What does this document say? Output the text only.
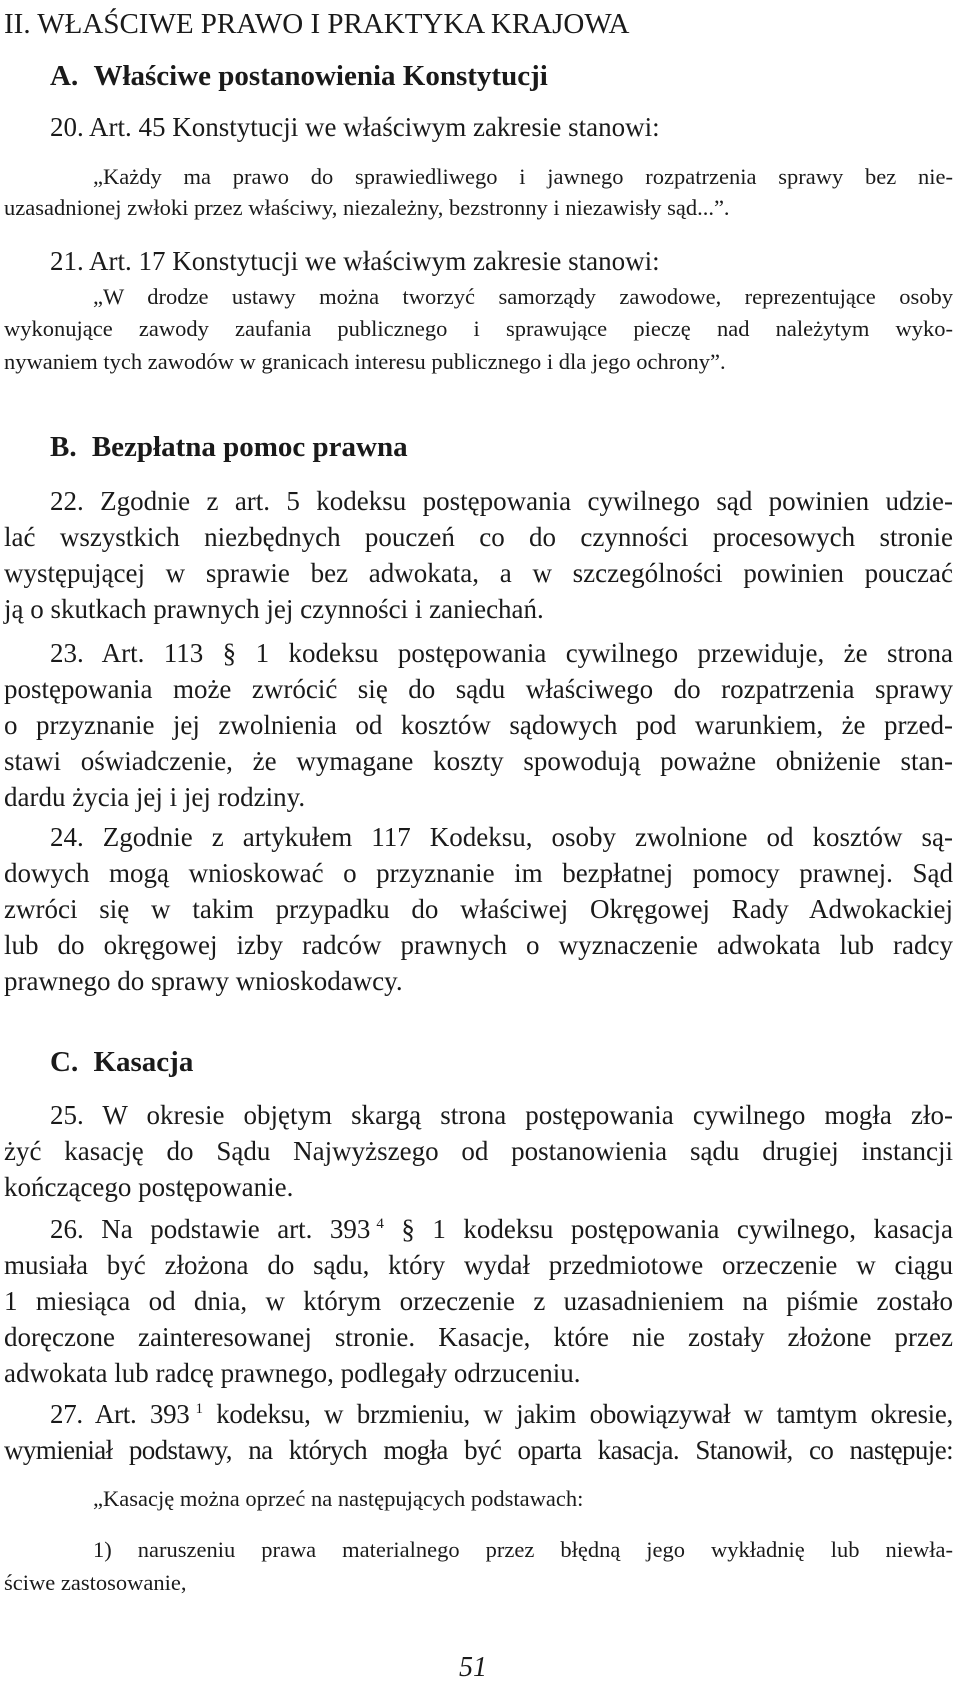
II. WŁAŚCIWE PRAWO I PRAKTYKA KRAJOWA
A. Właściwe postanowienia Konstytucji
20. Art. 45 Konstytucji we właściwym zakresie stanowi:
„Każdy ma prawo do sprawiedliwego i jawnego rozpatrzenia sprawy bez nie-
uzasadnionej zwłoki przez właściwy, niezależny, bezstronny i niezawisły sąd...”.
21. Art. 17 Konstytucji we właściwym zakresie stanowi:
„W drodze ustawy można tworzyć samorządy zawodowe, reprezentujące osoby
wykonujące zawody zaufania publicznego i sprawujące pieczę nad należytym wyko-
nywaniem tych zawodów w granicach interesu publicznego i dla jego ochrony”.
B. Bezpłatna pomoc prawna
22. Zgodnie z art. 5 kodeksu postępowania cywilnego sąd powinien udzie-
lać wszystkich niezbędnych pouczeń co do czynności procesowych stronie
występującej w sprawie bez adwokata, a w szczególności powinien pouczać
ją o skutkach prawnych jej czynności i zaniechań.
23. Art. 113 § 1 kodeksu postępowania cywilnego przewiduje, że strona
postępowania może zwrócić się do sądu właściwego do rozpatrzenia sprawy
o przyznanie jej zwolnienia od kosztów sądowych pod warunkiem, że przed-
stawi oświadczenie, że wymagane koszty spowodują poważne obniżenie stan-
dardu życia jej i jej rodziny.
24. Zgodnie z artykułem 117 Kodeksu, osoby zwolnione od kosztów są-
dowych mogą wnioskować o przyznanie im bezpłatnej pomocy prawnej. Sąd
zwróci się w takim przypadku do właściwej Okręgowej Rady Adwokackiej
lub do okręgowej izby radców prawnych o wyznaczenie adwokata lub radcy
prawnego do sprawy wnioskodawcy.
C. Kasacja
25. W okresie objętym skargą strona postępowania cywilnego mogła zło-
żyć kasację do Sądu Najwyższego od postanowienia sądu drugiej instancji
kończącego postępowanie.
26. Na podstawie art. 393 $^4$ § 1 kodeksu postępowania cywilnego, kasacja
musiała być złożona do sądu, który wydał przedmiotowe orzeczenie w ciągu
1 miesiąca od dnia, w którym orzeczenie z uzasadnieniem na piśmie zostało
doręczone zainteresowanej stronie. Kasacje, które nie zostały złożone przez
adwokata lub radcę prawnego, podlegały odrzuceniu.
27. Art. 393 $^1$ kodeksu, w brzmieniu, w jakim obowiązywał w tamtym okresie,
wymieniał podstawy, na których mogła być oparta kasacja. Stanowił, co następuje:
„Kasację można oprzeć na następujących podstawach:
1) naruszeniu prawa materialnego przez błędną jego wykładnię lub niewła-
ściwe zastosowanie,
51
